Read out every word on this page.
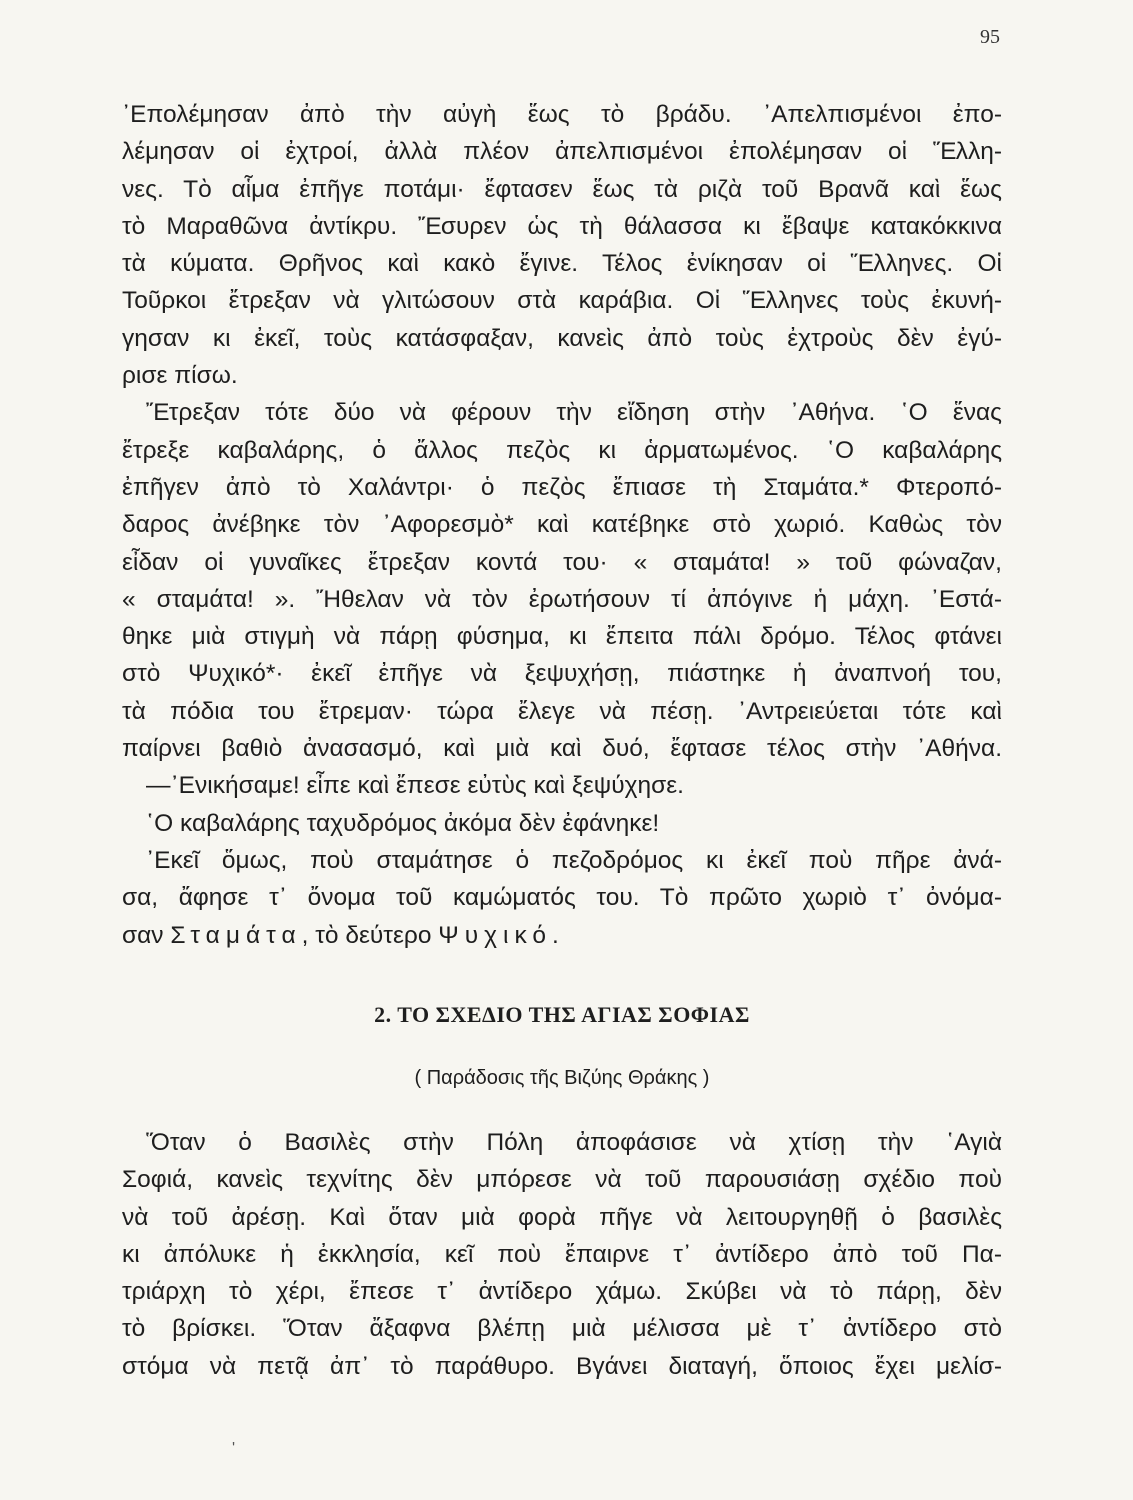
95
᾿Επολέμησαν ἀπὸ τὴν αὐγὴ ἕως τὸ βράδυ. ᾿Απελπισμένοι ἐπο-
λέμησαν οἱ ἐχτροί, ἀλλὰ πλέον ἀπελπισμένοι ἐπολέμησαν οἱ Ἕλλη-
νες. Τὸ αἷμα ἐπῆγε ποτάμι· ἔφτασεν ἕως τὰ ριζὰ τοῦ Βρανᾶ καὶ ἕως
τὸ Μαραθῶνα ἀντίκρυ. Ἔσυρεν ὡς τὴ θάλασσα κι ἔβαψε κατακόκκινα
τὰ κύματα. Θρῆνος καὶ κακὸ ἔγινε. Τέλος ἐνίκησαν οἱ Ἕλληνες. Οἱ
Τοῦρκοι ἔτρεξαν νὰ γλιτώσουν στὰ καράβια. Οἱ Ἕλληνες τοὺς ἐκυνή-
γησαν κι ἐκεῖ, τοὺς κατάσφαξαν, κανεὶς ἀπὸ τοὺς ἐχτροὺς δὲν ἐγύ-
ρισε πίσω.
Ἔτρεξαν τότε δύο νὰ φέρουν τὴν εἴδηση στὴν ᾿Αθήνα. ῾Ο ἕνας
ἔτρεξε καβαλάρης, ὁ ἄλλος πεζὸς κι ἁρματωμένος. ῾Ο καβαλάρης
ἐπῆγεν ἀπὸ τὸ Χαλάντρι· ὁ πεζὸς ἔπιασε τὴ Σταμάτα.* Φτεροπό-
δαρος ἀνέβηκε τὸν ᾿Αφορεσμὸ* καὶ κατέβηκε στὸ χωριό. Καθὼς τὸν
εἶδαν οἱ γυναῖκες ἔτρεξαν κοντά του· « σταμάτα! » τοῦ φώναζαν,
« σταμάτα! ». Ἤθελαν νὰ τὸν ἐρωτήσουν τί ἀπόγινε ἡ μάχη. ᾿Εστά-
θηκε μιὰ στιγμὴ νὰ πάρῃ φύσημα, κι ἔπειτα πάλι δρόμο. Τέλος φτάνει
στὸ Ψυχικό*· ἐκεῖ ἐπῆγε νὰ ξεψυχήσῃ, πιάστηκε ἡ ἀναπνοή του,
τὰ πόδια του ἔτρεμαν· τώρα ἔλεγε νὰ πέσῃ. ᾿Αντρειεύεται τότε καὶ
παίρνει βαθιὸ ἀνασασμό, καὶ μιὰ καὶ δυό, ἔφτασε τέλος στὴν ᾿Αθήνα.
—᾿Ενικήσαμε! εἶπε καὶ ἔπεσε εὐτὺς καὶ ξεψύχησε.
῾Ο καβαλάρης ταχυδρόμος ἀκόμα δὲν ἐφάνηκε!
᾿Εκεῖ ὅμως, ποὺ σταμάτησε ὁ πεζοδρόμος κι ἐκεῖ ποὺ πῆρε ἀνά-
σα, ἄφησε τ᾿ ὄνομα τοῦ καμώματός του. Τὸ πρῶτο χωριὸ τ᾿ ὀνόμα-
σαν Σταμάτα, τὸ δεύτερο Ψυχικό.
2. ΤΟ ΣΧΕΔΙΟ ΤΗΣ ΑΓΙΑΣ ΣΟΦΙΑΣ
( Παράδοσις τῆς Βιζύης Θράκης )
Ὅταν ὁ Βασιλὲς στὴν Πόλη ἀποφάσισε νὰ χτίσῃ τὴν ῾Αγιὰ
Σοφιά, κανεὶς τεχνίτης δὲν μπόρεσε νὰ τοῦ παρουσιάσῃ σχέδιο ποὺ
νὰ τοῦ ἀρέσῃ. Καὶ ὅταν μιὰ φορὰ πῆγε νὰ λειτουργηθῇ ὁ βασιλὲς
κι ἀπόλυκε ἡ ἐκκλησία, κεῖ ποὺ ἔπαιρνε τ᾿ ἀντίδερο ἀπὸ τοῦ Πα-
τριάρχη τὸ χέρι, ἔπεσε τ᾿ ἀντίδερο χάμω. Σκύβει νὰ τὸ πάρῃ, δὲν
τὸ βρίσκει. Ὅταν ἄξαφνα βλέπῃ μιὰ μέλισσα μὲ τ᾿ ἀντίδερο στὸ
στόμα νὰ πετᾷ ἀπ᾿ τὸ παράθυρο. Βγάνει διαταγή, ὅποιος ἔχει μελίσ-
'
